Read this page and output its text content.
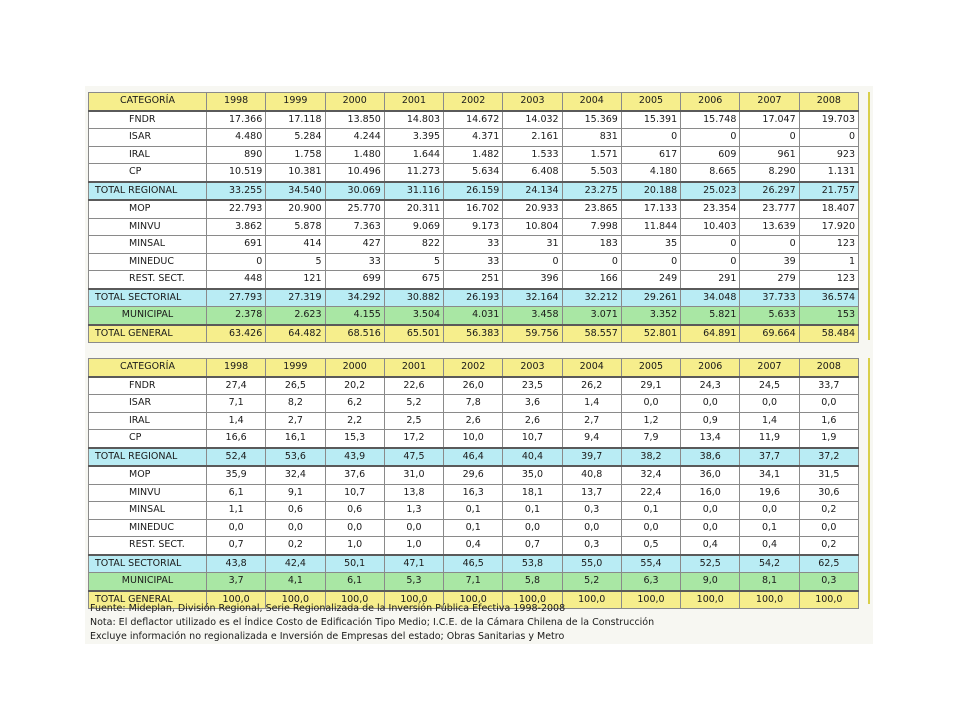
CATEGORÍA	1998	1999	2000	2001	2002	2003	2004	2005	2006	2007	2008
FNDR	17.366	17.118	13.850	14.803	14.672	14.032	15.369	15.391	15.748	17.047	19.703
ISAR	4.480	5.284	4.244	3.395	4.371	2.161	831	0	0	0	0
IRAL	890	1.758	1.480	1.644	1.482	1.533	1.571	617	609	961	923
CP	10.519	10.381	10.496	11.273	5.634	6.408	5.503	4.180	8.665	8.290	1.131
TOTAL REGIONAL	33.255	34.540	30.069	31.116	26.159	24.134	23.275	20.188	25.023	26.297	21.757
MOP	22.793	20.900	25.770	20.311	16.702	20.933	23.865	17.133	23.354	23.777	18.407
MINVU	3.862	5.878	7.363	9.069	9.173	10.804	7.998	11.844	10.403	13.639	17.920
MINSAL	691	414	427	822	33	31	183	35	0	0	123
MINEDUC	0	5	33	5	33	0	0	0	0	39	1
REST. SECT.	448	121	699	675	251	396	166	249	291	279	123
TOTAL SECTORIAL	27.793	27.319	34.292	30.882	26.193	32.164	32.212	29.261	34.048	37.733	36.574
MUNICIPAL	2.378	2.623	4.155	3.504	4.031	3.458	3.071	3.352	5.821	5.633	153
TOTAL GENERAL	63.426	64.482	68.516	65.501	56.383	59.756	58.557	52.801	64.891	69.664	58.484
CATEGORÍA	1998	1999	2000	2001	2002	2003	2004	2005	2006	2007	2008
FNDR	27,4	26,5	20,2	22,6	26,0	23,5	26,2	29,1	24,3	24,5	33,7
ISAR	7,1	8,2	6,2	5,2	7,8	3,6	1,4	0,0	0,0	0,0	0,0
IRAL	1,4	2,7	2,2	2,5	2,6	2,6	2,7	1,2	0,9	1,4	1,6
CP	16,6	16,1	15,3	17,2	10,0	10,7	9,4	7,9	13,4	11,9	1,9
TOTAL REGIONAL	52,4	53,6	43,9	47,5	46,4	40,4	39,7	38,2	38,6	37,7	37,2
MOP	35,9	32,4	37,6	31,0	29,6	35,0	40,8	32,4	36,0	34,1	31,5
MINVU	6,1	9,1	10,7	13,8	16,3	18,1	13,7	22,4	16,0	19,6	30,6
MINSAL	1,1	0,6	0,6	1,3	0,1	0,1	0,3	0,1	0,0	0,0	0,2
MINEDUC	0,0	0,0	0,0	0,0	0,1	0,0	0,0	0,0	0,0	0,1	0,0
REST. SECT.	0,7	0,2	1,0	1,0	0,4	0,7	0,3	0,5	0,4	0,4	0,2
TOTAL SECTORIAL	43,8	42,4	50,1	47,1	46,5	53,8	55,0	55,4	52,5	54,2	62,5
MUNICIPAL	3,7	4,1	6,1	5,3	7,1	5,8	5,2	6,3	9,0	8,1	0,3
TOTAL GENERAL	100,0	100,0	100,0	100,0	100,0	100,0	100,0	100,0	100,0	100,0	100,0
Fuente: Mideplan, División Regional, Serie Regionalizada de la Inversión Pública Efectiva 1998-2008
Nota: El deflactor utilizado es el Índice Costo de Edificación Tipo Medio; I.C.E. de la Cámara Chilena de la Construcción
Excluye información no regionalizada e Inversión de Empresas del estado; Obras Sanitarias y Metro
